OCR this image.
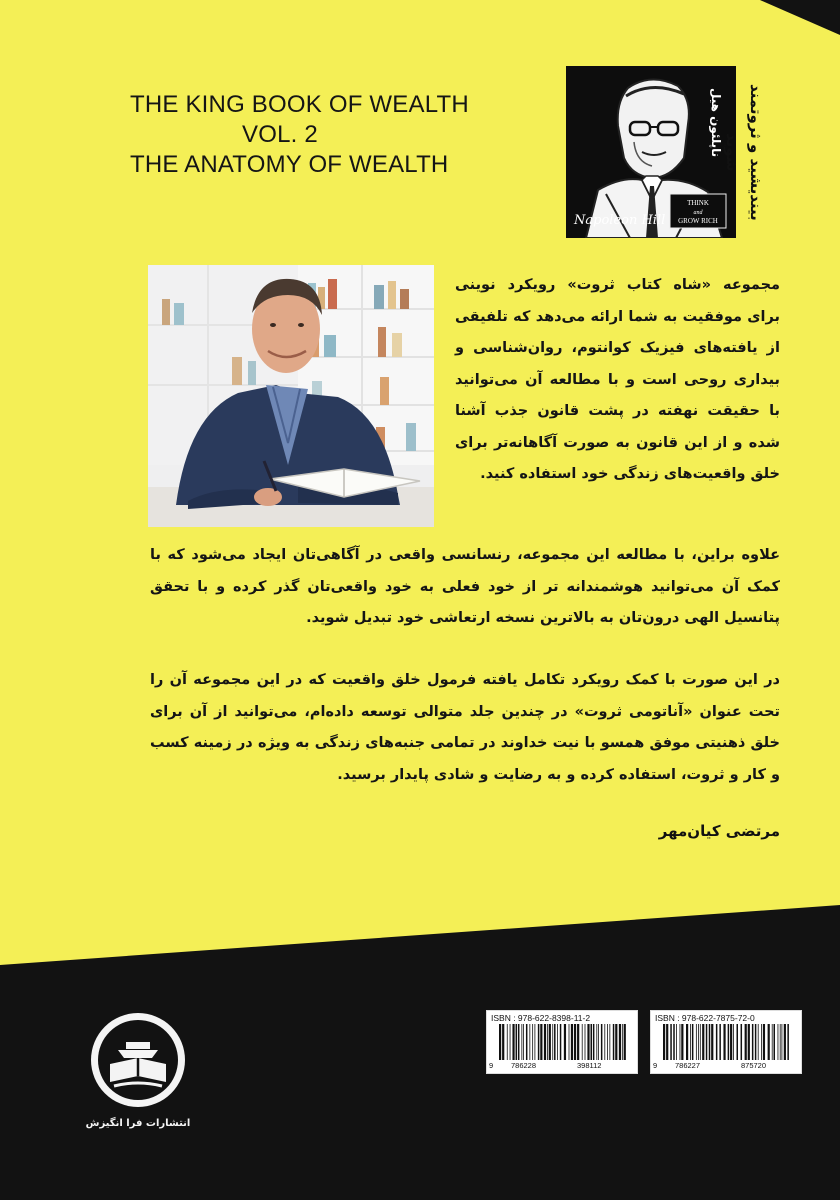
THE KING BOOK OF WEALTH
VOL. 2
THE ANATOMY OF WEALTH
THINK
and
GROW RICH
Napoleon Hill
ناپلئون هیل بیندیشید و ثروتمند شوید
مجموعه «شاه کتاب ثروت» رویکرد نوینی برای موفقیت به شما ارائه می‌دهد که تلفیقی از یافته‌های فیزیک کوانتوم، روان‌شناسی و بیداری روحی است و با مطالعه آن می‌توانید با حقیقت نهفته در پشت قانون جذب آشنا شده و از این قانون به صورت آگاهانه‌تر برای خلق واقعیت‌های زندگی خود استفاده کنید.
علاوه براین، با مطالعه این مجموعه، رنسانسی واقعی در آگاهی‌تان ایجاد می‌شود که با کمک آن می‌توانید هوشمندانه تر از خود فعلی به خود واقعی‌تان گذر کرده و با تحقق پتانسیل الهی درون‌تان به بالاترین نسخه ارتعاشی خود تبدیل شوید.
در این صورت با کمک رویکرد تکامل یافته فرمول خلق واقعیت که در این مجموعه آن را تحت عنوان «آناتومی ثروت» در چندین جلد متوالی توسعه داده‌ام، می‌توانید از آن برای خلق ذهنیتی موفق همسو با نیت خداوند در تمامی جنبه‌های زندگی به ویژه در زمینه کسب و کار و ثروت، استفاده کرده و به رضایت و شادی پایدار برسید.
مرتضی کیان‌مهر
ISBN : 978-622-7875-72-0
9 786227	875720
ISBN : 978-622-8398-11-2
9 786228	398112
انتشارات فرا انگیزش
